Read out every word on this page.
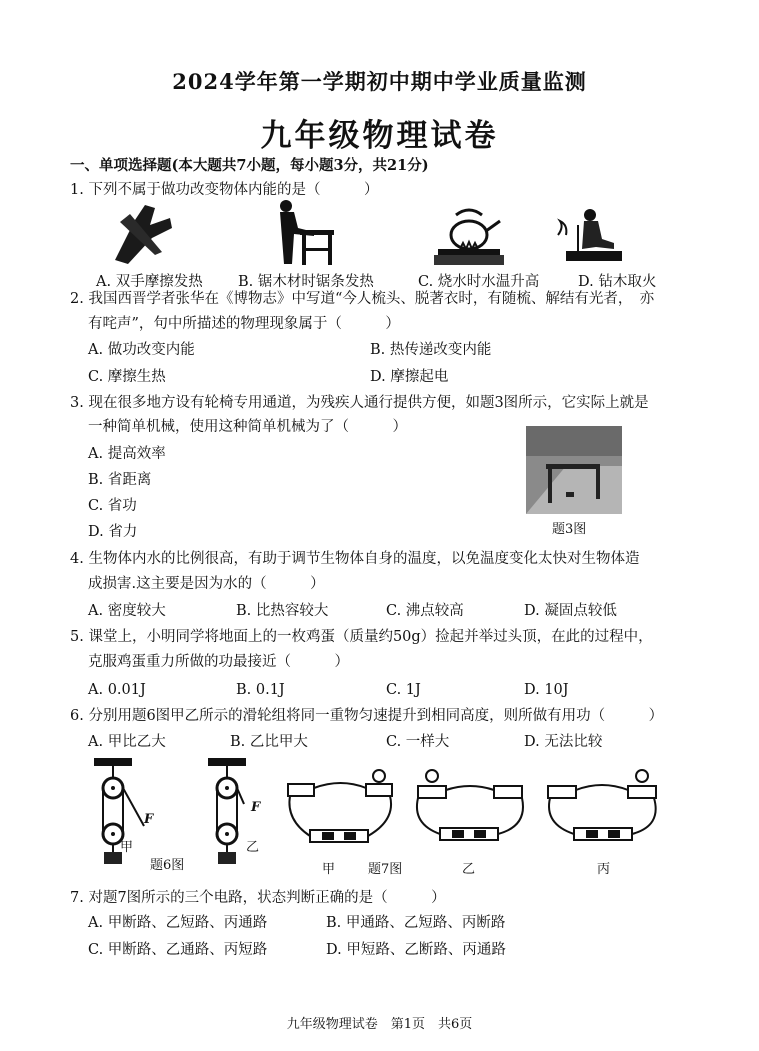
2024学年第一学期初中期中学业质量监测
九年级物理试卷
一、单项选择题(本大题共7小题，每小题3分，共21分)
1. 下列不属于做功改变物体内能的是（　　　）
A. 双手摩擦发热 B. 锯木材时锯条发热	C. 烧水时水温升高	D. 钻木取火
2. 我国西晋学者张华在《博物志》中写道“今人梳头、脱著衣时，有随梳、解结有光者，　亦
有咤声”，句中所描述的物理现象属于（　　　）
A. 做功改变内能	B. 热传递改变内能
C. 摩擦生热	D. 摩擦起电
3. 现在很多地方设有轮椅专用通道，为残疾人通行提供方便，如题3图所示，它实际上就是
一种简单机械，使用这种简单机械为了（　　　）
A. 提高效率
B. 省距离
C. 省功
D. 省力	题3图
4. 生物体内水的比例很高，有助于调节生物体自身的温度，以免温度变化太快对生物体造
成损害.这主要是因为水的（　　　）
A. 密度较大	B. 比热容较大	C. 沸点较高	D. 凝固点较低
5. 课堂上，小明同学将地面上的一枚鸡蛋（质量约50g）捡起并举过头顶，在此的过程中，
克服鸡蛋重力所做的功最接近（　　　）
A. 0.01J	B. 0.1J	C. 1J	D. 10J
6. 分别用题6图甲乙所示的滑轮组将同一重物匀速提升到相同高度，则所做有用功（　　　）
A. 甲比乙大	B. 乙比甲大	C. 一样大	D. 无法比较
F
甲
题6图
F
乙
甲	题7图	乙	丙
7. 对题7图所示的三个电路，状态判断正确的是（　　　）
A. 甲断路、乙短路、丙通路	B. 甲通路、乙短路、丙断路
C. 甲断路、乙通路、丙短路	D. 甲短路、乙断路、丙通路
九年级物理试卷　第1页　共6页
